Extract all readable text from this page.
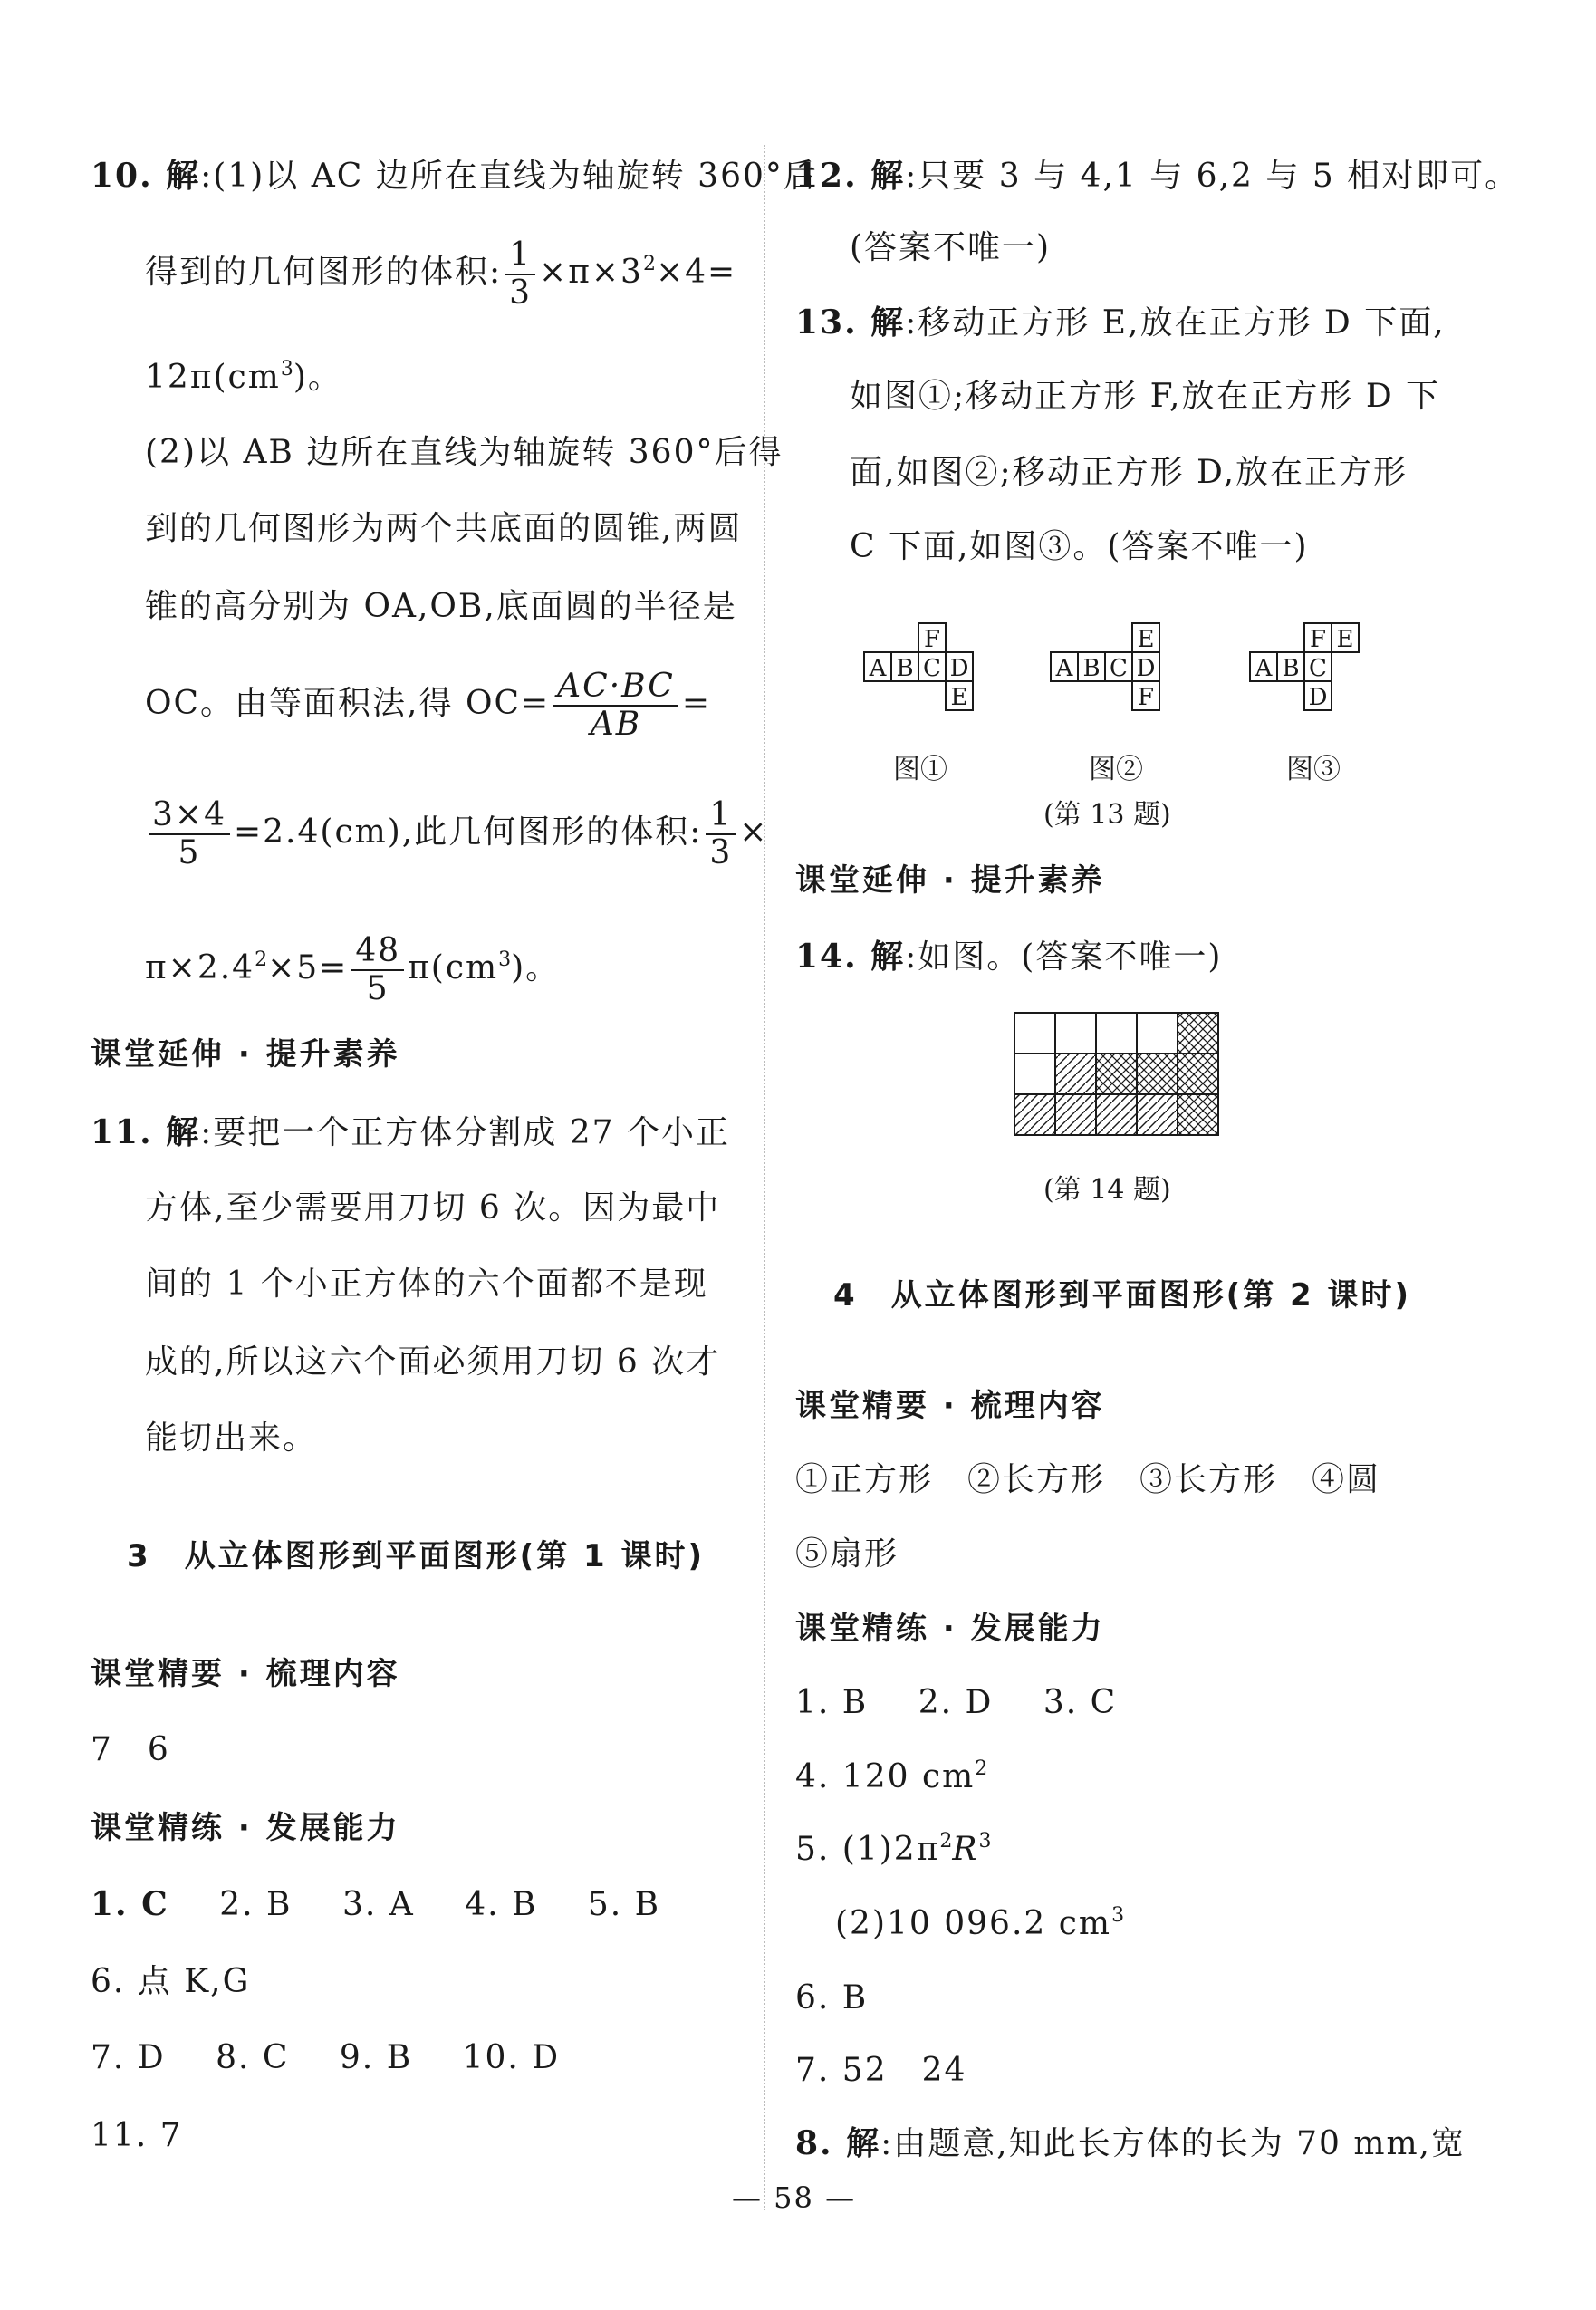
10. 解:(1)以 AC 边所在直线为轴旋转 360°后
得到的几何图形的体积: $\frac{1}{3} \times\pi\times 3^2\times 4=$
$12\pi(cm^3)$。
(2)以 AB 边所在直线为轴旋转 360°后得
到的几何图形为两个共底面的圆锥,两圆
锥的高分别为 OA,OB,底面圆的半径是
OC。由等面积法,得 $OC= \frac{AC\cdot BC}{AB}$ =
$\frac{3\times 4}{5} =2.4(cm)$,此几何图形的体积: $\frac{1}{3}$ ×
$\pi\times 2.4^2\times 5= \frac{48}{5} \pi(cm^3)$。
课堂延伸 · 提升素养
11. 解:要把一个正方体分割成 27 个小正
方体,至少需要用刀切 6 次。因为最中
间的 1 个小正方体的六个面都不是现
成的,所以这六个面必须用刀切 6 次才
能切出来。
3　从立体图形到平面图形(第 1 课时)
课堂精要 · 梳理内容
7　6
课堂精练 · 发展能力
1. C 2. B 3. A 4. B 5. B
6. 点 K,G
7. D 8. C 9. B 10. D
11. 7
12. 解:只要 3 与 4,1 与 6,2 与 5 相对即可。
(答案不唯一)
13. 解:移动正方形 E,放在正方形 D 下面,
如图①;移动正方形 F,放在正方形 D 下
面,如图②;移动正方形 D,放在正方形
C 下面,如图③。(答案不唯一)
A B C D
F
E
A B C D
E
F
A B C
F E
D
图①	图②	图③
(第 13 题)
课堂延伸 · 提升素养
14. 解:如图。(答案不唯一)
(第 14 题)
4　从立体图形到平面图形(第 2 课时)
课堂精要 · 梳理内容
①正方形　②长方形　③长方形　④圆
⑤扇形
课堂精练 · 发展能力
1. B 2. D 3. C
4. 120 $cm^2$
5. $(1)2\pi^2R^3$
(2)10 096.2 $cm^3$
6. B
7. 52　24
8. 解:由题意,知此长方体的长为 70 mm,宽
— 58 —
